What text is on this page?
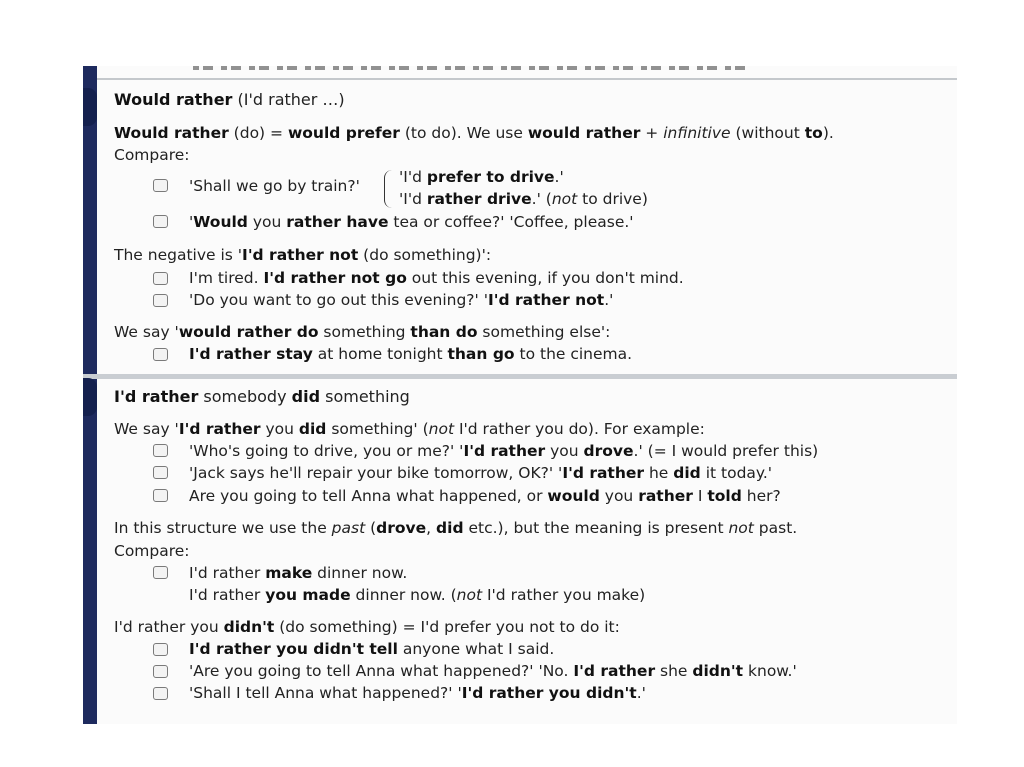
Would rather (I'd rather …)

Would rather (do) = would prefer (to do). We use would rather + infinitive (without to).

Compare:

'Shall we go by train?'	'I'd prefer to drive.'

'I'd rather drive.' (not to drive)

'Would you rather have tea or coffee?' 'Coffee, please.'

The negative is 'I'd rather not (do something)':

I'm tired. I'd rather not go out this evening, if you don't mind.

'Do you want to go out this evening?' 'I'd rather not.'

We say 'would rather do something than do something else':

I'd rather stay at home tonight than go to the cinema.

I'd rather somebody did something

We say 'I'd rather you did something' (not I'd rather you do). For example:

'Who's going to drive, you or me?' 'I'd rather you drove.' (= I would prefer this)

'Jack says he'll repair your bike tomorrow, OK?' 'I'd rather he did it today.'

Are you going to tell Anna what happened, or would you rather I told her?

In this structure we use the past (drove, did etc.), but the meaning is present not past.

Compare:

I'd rather make dinner now.

I'd rather you made dinner now. (not I'd rather you make)

I'd rather you didn't (do something) = I'd prefer you not to do it:

I'd rather you didn't tell anyone what I said.

'Are you going to tell Anna what happened?' 'No. I'd rather she didn't know.'

'Shall I tell Anna what happened?' 'I'd rather you didn't.'
